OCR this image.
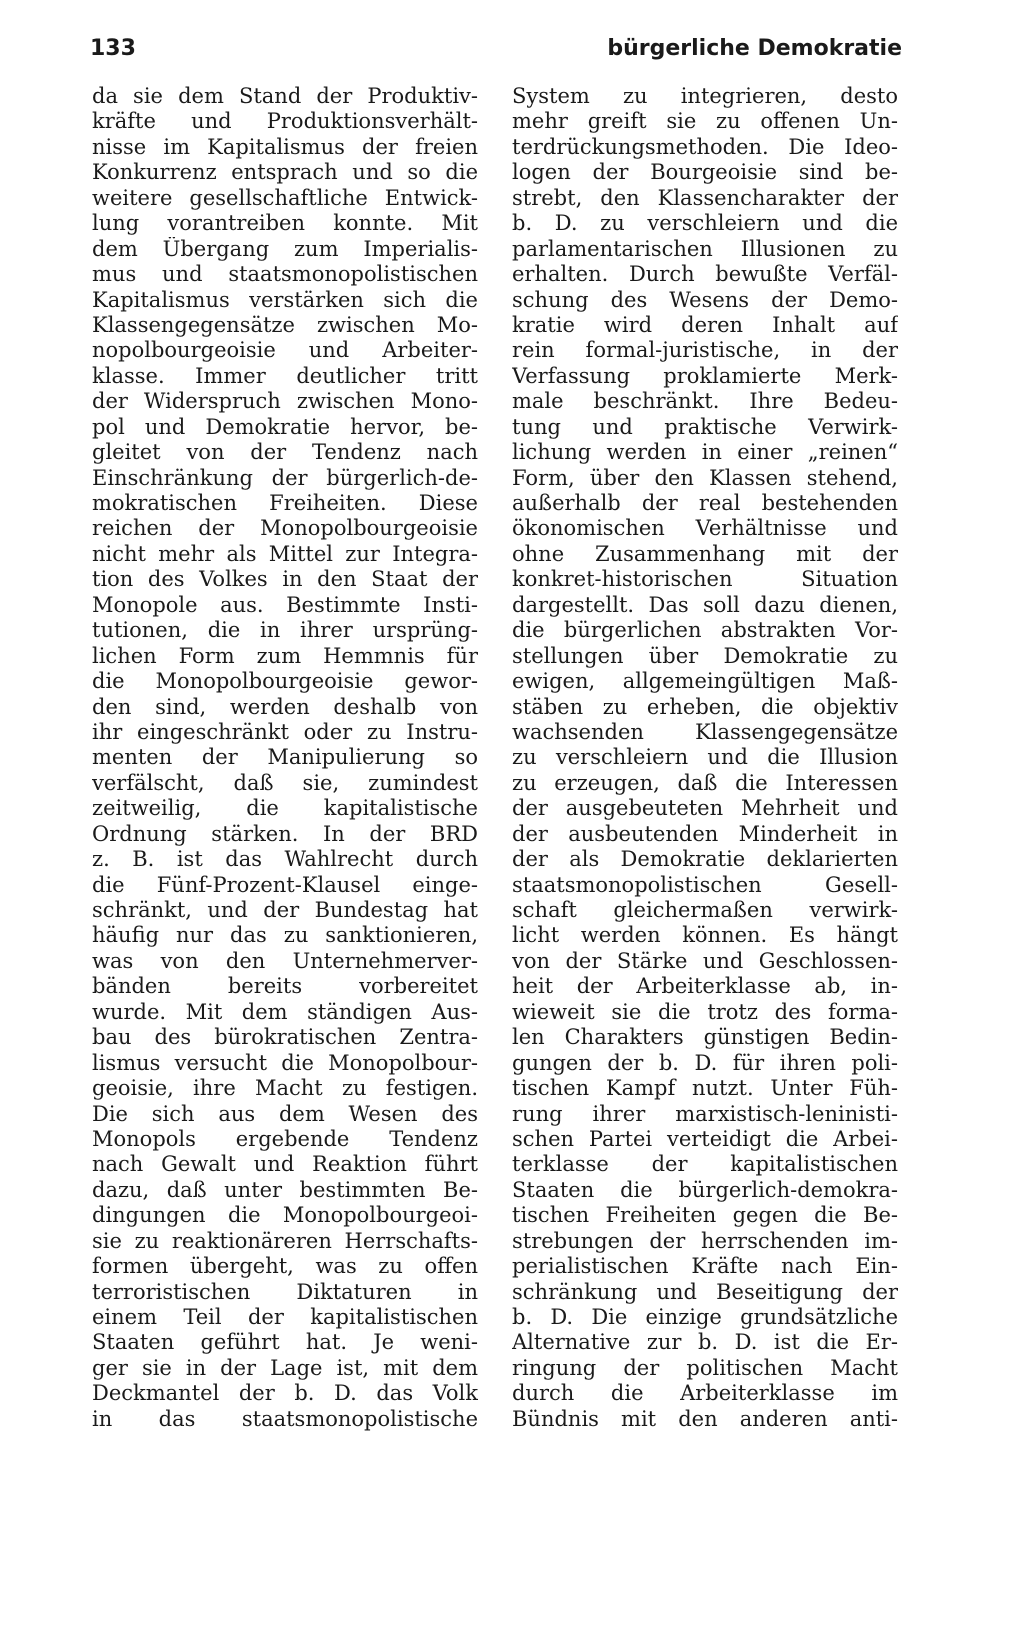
133	bürgerliche Demokratie
da sie dem Stand der Produktiv-
kräfte und Produktionsverhält-
nisse im Kapitalismus der freien
Konkurrenz entsprach und so die
weitere gesellschaftliche Entwick-
lung vorantreiben konnte. Mit
dem Übergang zum Imperialis-
mus und staatsmonopolistischen
Kapitalismus verstärken sich die
Klassengegensätze zwischen Mo-
nopolbourgeoisie und Arbeiter-
klasse. Immer deutlicher tritt
der Widerspruch zwischen Mono-
pol und Demokratie hervor, be-
gleitet von der Tendenz nach
Einschränkung der bürgerlich-de-
mokratischen Freiheiten. Diese
reichen der Monopolbourgeoisie
nicht mehr als Mittel zur Integra-
tion des Volkes in den Staat der
Monopole aus. Bestimmte Insti-
tutionen, die in ihrer ursprüng-
lichen Form zum Hemmnis für
die Monopolbourgeoisie gewor-
den sind, werden deshalb von
ihr eingeschränkt oder zu Instru-
menten der Manipulierung so
verfälscht, daß sie, zumindest
zeitweilig, die kapitalistische
Ordnung stärken. In der BRD
z. B. ist das Wahlrecht durch
die Fünf-Prozent-Klausel einge-
schränkt, und der Bundestag hat
häufig nur das zu sanktionieren,
was von den Unternehmerver-
bänden bereits vorbereitet
wurde. Mit dem ständigen Aus-
bau des bürokratischen Zentra-
lismus versucht die Monopolbour-
geoisie, ihre Macht zu festigen.
Die sich aus dem Wesen des
Monopols ergebende Tendenz
nach Gewalt und Reaktion führt
dazu, daß unter bestimmten Be-
dingungen die Monopolbourgeoi-
sie zu reaktionäreren Herrschafts-
formen übergeht, was zu offen
terroristischen Diktaturen in
einem Teil der kapitalistischen
Staaten geführt hat. Je weni-
ger sie in der Lage ist, mit dem
Deckmantel der b. D. das Volk
in das staatsmonopolistische
System zu integrieren, desto
mehr greift sie zu offenen Un-
terdrückungsmethoden. Die Ideo-
logen der Bourgeoisie sind be-
strebt, den Klassencharakter der
b. D. zu verschleiern und die
parlamentarischen Illusionen zu
erhalten. Durch bewußte Verfäl-
schung des Wesens der Demo-
kratie wird deren Inhalt auf
rein formal-juristische, in der
Verfassung proklamierte Merk-
male beschränkt. Ihre Bedeu-
tung und praktische Verwirk-
lichung werden in einer „reinen“
Form, über den Klassen stehend,
außerhalb der real bestehenden
ökonomischen Verhältnisse und
ohne Zusammenhang mit der
konkret-historischen Situation
dargestellt. Das soll dazu dienen,
die bürgerlichen abstrakten Vor-
stellungen über Demokratie zu
ewigen, allgemeingültigen Maß-
stäben zu erheben, die objektiv
wachsenden Klassengegensätze
zu verschleiern und die Illusion
zu erzeugen, daß die Interessen
der ausgebeuteten Mehrheit und
der ausbeutenden Minderheit in
der als Demokratie deklarierten
staatsmonopolistischen Gesell-
schaft gleichermaßen verwirk-
licht werden können. Es hängt
von der Stärke und Geschlossen-
heit der Arbeiterklasse ab, in-
wieweit sie die trotz des forma-
len Charakters günstigen Bedin-
gungen der b. D. für ihren poli-
tischen Kampf nutzt. Unter Füh-
rung ihrer marxistisch-leninisti-
schen Partei verteidigt die Arbei-
terklasse der kapitalistischen
Staaten die bürgerlich-demokra-
tischen Freiheiten gegen die Be-
strebungen der herrschenden im-
perialistischen Kräfte nach Ein-
schränkung und Beseitigung der
b. D. Die einzige grundsätzliche
Alternative zur b. D. ist die Er-
ringung der politischen Macht
durch die Arbeiterklasse im
Bündnis mit den anderen anti-
